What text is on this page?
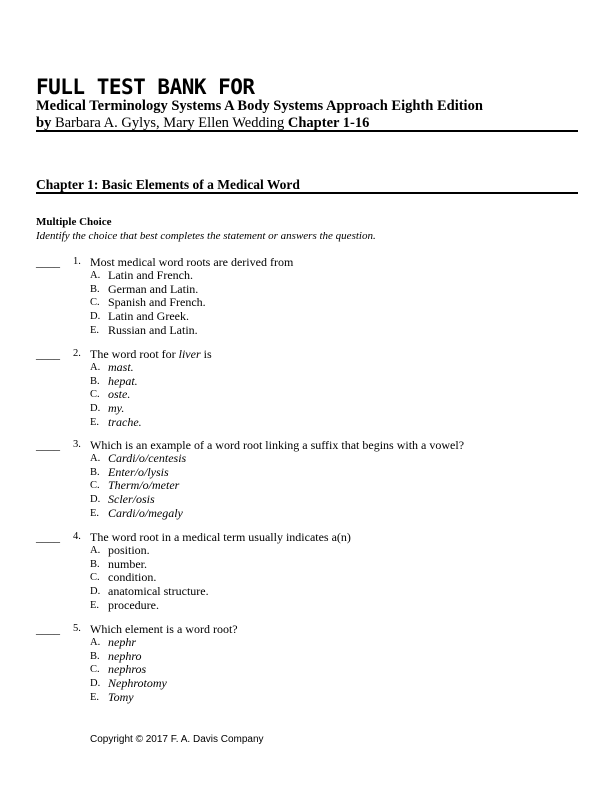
FULL TEST BANK FOR
Medical Terminology Systems A Body Systems Approach Eighth Edition
by Barbara A. Gylys, Mary Ellen Wedding Chapter 1-16
Chapter 1: Basic Elements of a Medical Word
Multiple Choice
Identify the choice that best completes the statement or answers the question.
____ 1. Most medical word roots are derived from
A. Latin and French.
B. German and Latin.
C. Spanish and French.
D. Latin and Greek.
E. Russian and Latin.
____ 2. The word root for liver is
A. mast.
B. hepat.
C. oste.
D. my.
E. trache.
____ 3. Which is an example of a word root linking a suffix that begins with a vowel?
A. Cardi/o/centesis
B. Enter/o/lysis
C. Therm/o/meter
D. Scler/osis
E. Cardi/o/megaly
____ 4. The word root in a medical term usually indicates a(n)
A. position.
B. number.
C. condition.
D. anatomical structure.
E. procedure.
____ 5. Which element is a word root?
A. nephr
B. nephro
C. nephros
D. Nephrotomy
E. Tomy
Copyright © 2017 F. A. Davis Company
